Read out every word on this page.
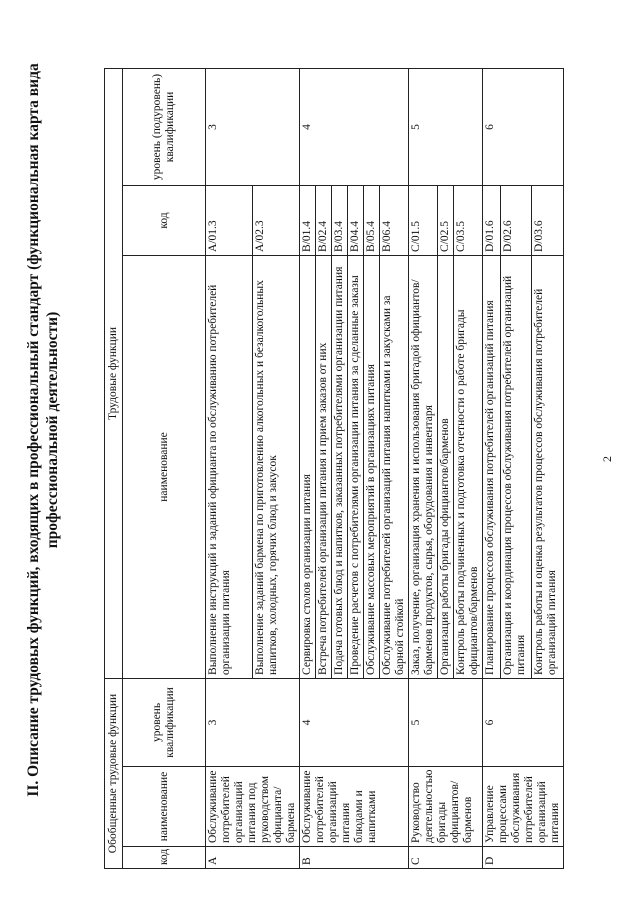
2
II. Описание трудовых функций, входящих в профессиональный стандарт (функциональная карта вида профессиональной деятельности)
Обобщенные трудовые функции			Трудовые функции		
код	наименование	уровень квалификации	наименование	код	уровень (подуровень) квалификации
A	Обслуживание потребителей организаций питания под руководством официанта/бармена	3	Выполнение инструкций и заданий официанта по обслуживанию потребителей организации питания	A/01.3	3
			Выполнение заданий бармена по приготовлению алкогольных и безалкогольных напитков, холодных, горячих блюд и закусок	A/02.3	
B	Обслуживание потребителей организаций питания блюдами и напитками	4	Сервировка столов организации питания	B/01.4	4
			Встреча потребителей организации питания и прием заказов от них	B/02.4	
			Подача готовых блюд и напитков, заказанных потребителями организации питания	B/03.4	
			Проведение расчетов с потребителями организации питания за сделанные заказы	B/04.4	
			Обслуживание массовых мероприятий в организациях питания	B/05.4	
			Обслуживание потребителей организаций питания напитками и закусками за барной стойкой	B/06.4	
C	Руководство деятельностью бригады официантов/барменов	5	Заказ, получение, организация хранения и использования бригадой официантов/барменов продуктов, сырья, оборудования и инвентаря	C/01.5	5
			Организация работы бригады официантов/барменов	C/02.5	
			Контроль работы подчиненных и подготовка отчетности о работе бригады официантов/барменов	C/03.5	
D	Управление процессами обслуживания потребителей организаций питания	6	Планирование процессов обслуживания потребителей организаций питания	D/01.6	6
			Организация и координация процессов обслуживания потребителей организаций питания	D/02.6	
			Контроль работы и оценка результатов процессов обслуживания потребителей организаций питания	D/03.6	
